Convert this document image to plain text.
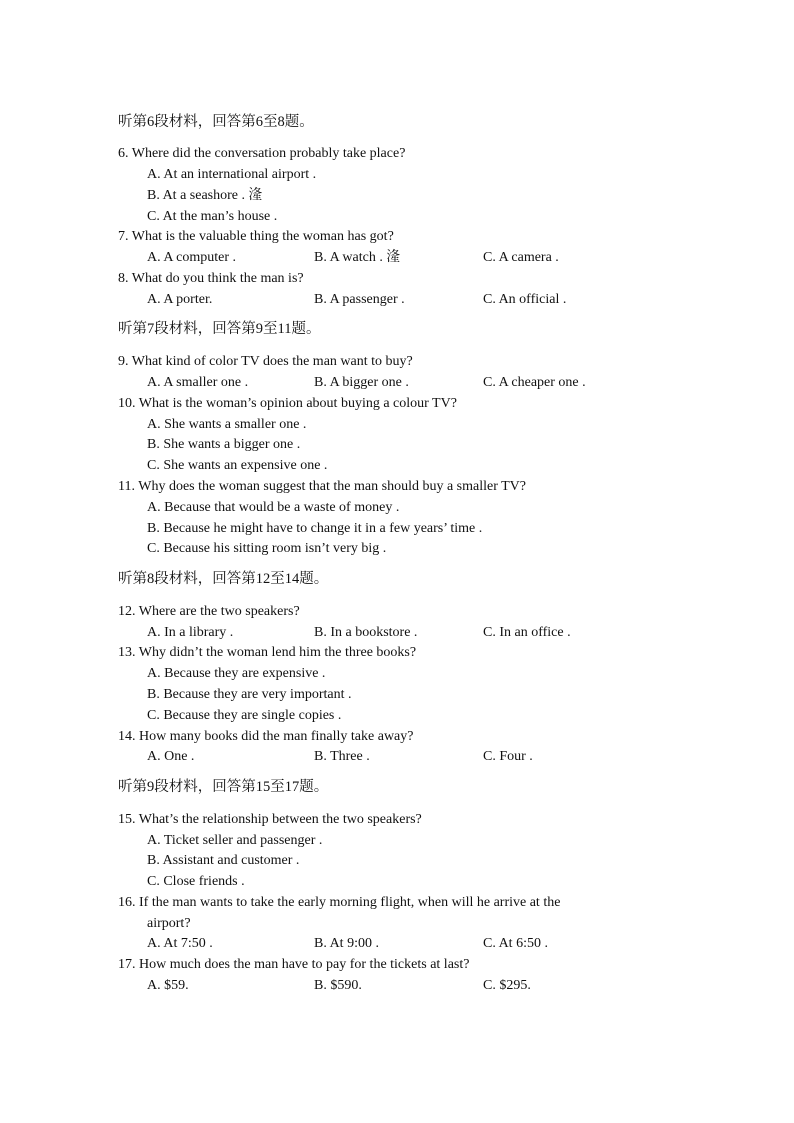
听第6段材料，回答第6至8题。
6. Where did the conversation probably take place?
A. At an international airport .
B. At a seashore . 湰
C. At the man’s house .
7. What is the valuable thing the woman has got?
A. A computer .	B. A watch . 湰	C. A camera .
8. What do you think the man is?
A. A porter.	B. A passenger .	C. An official .
听第7段材料，回答第9至11题。
9. What kind of color TV does the man want to buy?
A. A smaller one .	B. A bigger one .	C. A cheaper one .
10. What is the woman’s opinion about buying a colour TV?
A. She wants a smaller one .
B. She wants a bigger one .
C. She wants an expensive one .
11. Why does the woman suggest that the man should buy a smaller TV?
A. Because that would be a waste of money .
B. Because he might have to change it in a few years’ time .
C. Because his sitting room isn’t very big .
听第8段材料，回答第12至14题。
12. Where are the two speakers?
A. In a library .	B. In a bookstore .	C. In an office .
13. Why didn’t the woman lend him the three books?
A. Because they are expensive .
B. Because they are very important .
C. Because they are single copies .
14. How many books did the man finally take away?
A. One .	B. Three .	C. Four .
听第9段材料，回答第15至17题。
15. What’s the relationship between the two speakers?
A. Ticket seller and passenger .
B. Assistant and customer .
C. Close friends .
16. If the man wants to take the early morning flight, when will he arrive at the
airport?
A. At 7:50 .	B. At 9:00 .	C. At 6:50 .
17. How much does the man have to pay for the tickets at last?
A. $59.	B. $590.	C. $295.
